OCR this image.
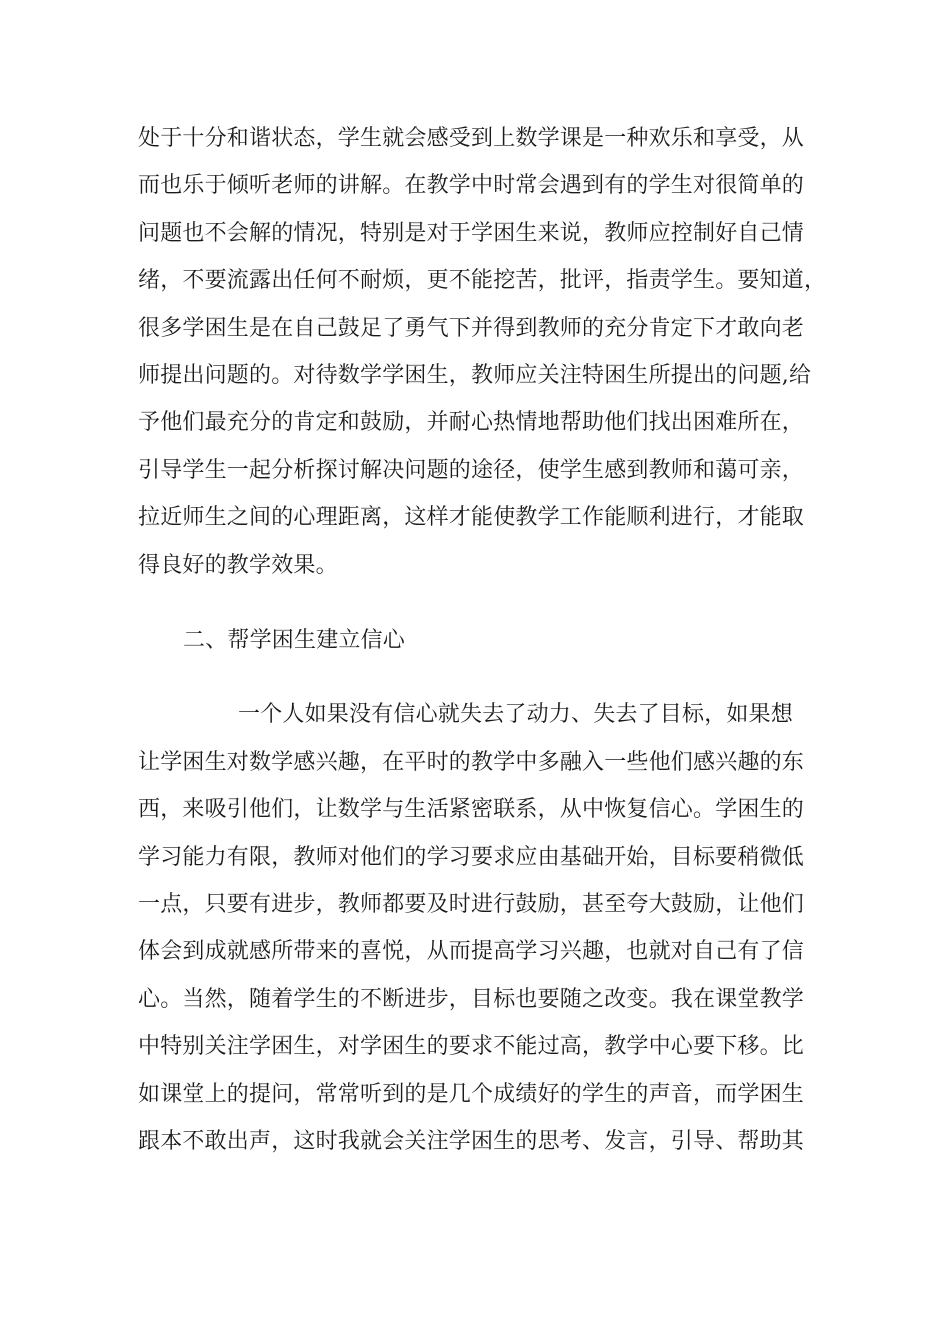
处于十分和谐状态，学生就会感受到上数学课是一种欢乐和享受，从
而也乐于倾听老师的讲解。在教学中时常会遇到有的学生对很简单的
问题也不会解的情况，特别是对于学困生来说，教师应控制好自己情
绪，不要流露出任何不耐烦，更不能挖苦，批评，指责学生。要知道，
很多学困生是在自己鼓足了勇气下并得到教师的充分肯定下才敢向老
师提出问题的。对待数学学困生，教师应关注特困生所提出的问题,给
予他们最充分的肯定和鼓励，并耐心热情地帮助他们找出困难所在，
引导学生一起分析探讨解决问题的途径，使学生感到教师和蔼可亲，
拉近师生之间的心理距离，这样才能使教学工作能顺利进行，才能取
得良好的教学效果。
二、帮学困生建立信心
一个人如果没有信心就失去了动力、失去了目标，如果想
让学困生对数学感兴趣，在平时的教学中多融入一些他们感兴趣的东
西，来吸引他们，让数学与生活紧密联系，从中恢复信心。学困生的
学习能力有限，教师对他们的学习要求应由基础开始，目标要稍微低
一点，只要有进步，教师都要及时进行鼓励，甚至夸大鼓励，让他们
体会到成就感所带来的喜悦，从而提高学习兴趣，也就对自己有了信
心。当然，随着学生的不断进步，目标也要随之改变。我在课堂教学
中特别关注学困生，对学困生的要求不能过高，教学中心要下移。比
如课堂上的提问，常常听到的是几个成绩好的学生的声音，而学困生
跟本不敢出声，这时我就会关注学困生的思考、发言，引导、帮助其
